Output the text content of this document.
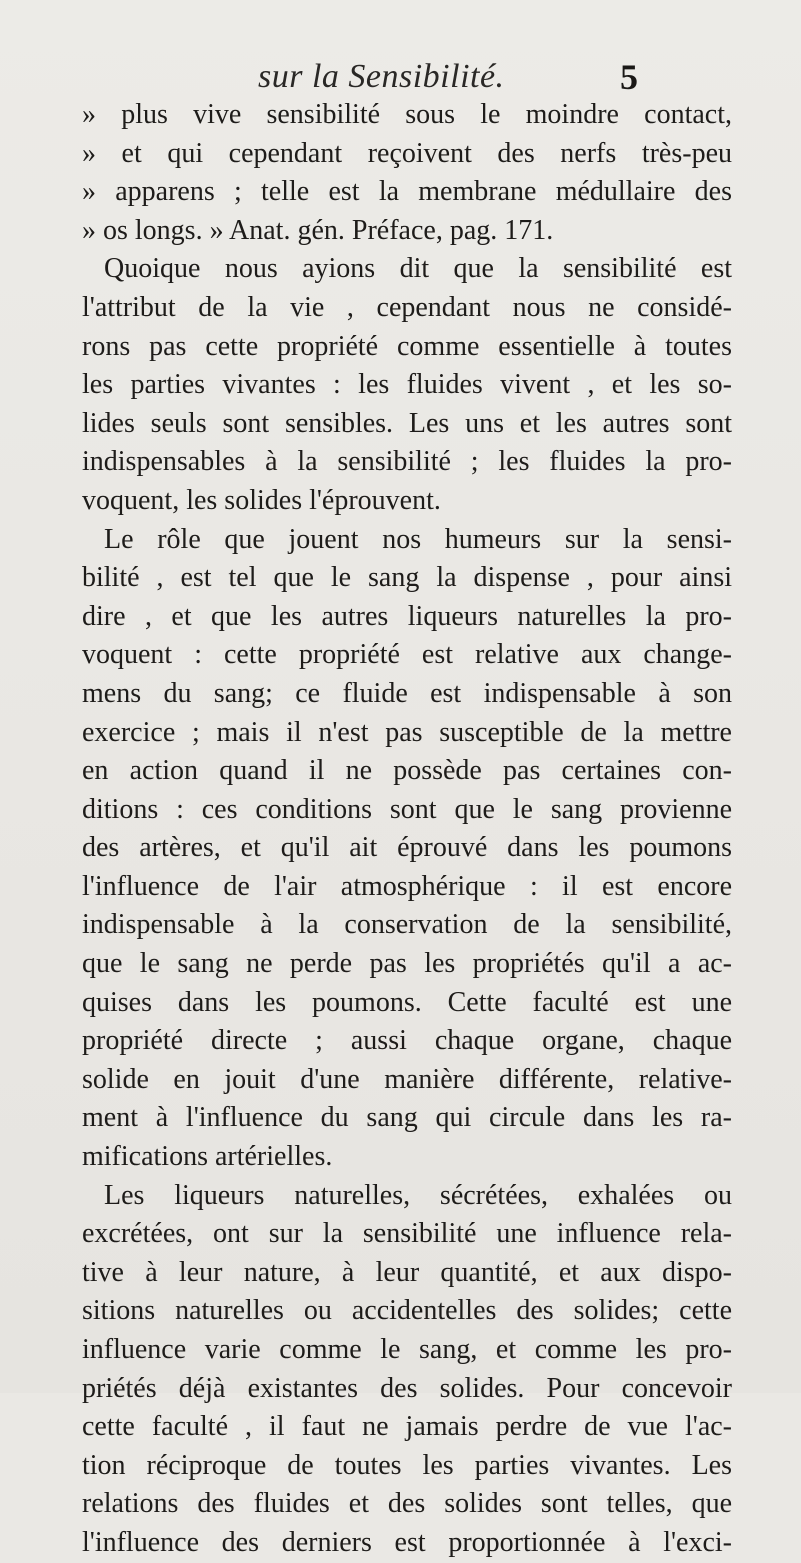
sur la Sensibilité.	5
» plus vive sensibilité sous le moindre contact,
» et qui cependant reçoivent des nerfs très-peu
» apparens ; telle est la membrane médullaire des
» os longs. » Anat. gén. Préface, pag. 171.
Quoique nous ayions dit que la sensibilité est
l'attribut de la vie , cependant nous ne considé-
rons pas cette propriété comme essentielle à toutes
les parties vivantes : les fluides vivent , et les so-
lides seuls sont sensibles. Les uns et les autres sont
indispensables à la sensibilité ; les fluides la pro-
voquent, les solides l'éprouvent.
Le rôle que jouent nos humeurs sur la sensi-
bilité , est tel que le sang la dispense , pour ainsi
dire , et que les autres liqueurs naturelles la pro-
voquent : cette propriété est relative aux change-
mens du sang; ce fluide est indispensable à son
exercice ; mais il n'est pas susceptible de la mettre
en action quand il ne possède pas certaines con-
ditions : ces conditions sont que le sang provienne
des artères, et qu'il ait éprouvé dans les poumons
l'influence de l'air atmosphérique : il est encore
indispensable à la conservation de la sensibilité,
que le sang ne perde pas les propriétés qu'il a ac-
quises dans les poumons. Cette faculté est une
propriété directe ; aussi chaque organe, chaque
solide en jouit d'une manière différente, relative-
ment à l'influence du sang qui circule dans les ra-
mifications artérielles.
Les liqueurs naturelles, sécrétées, exhalées ou
excrétées, ont sur la sensibilité une influence rela-
tive à leur nature, à leur quantité, et aux dispo-
sitions naturelles ou accidentelles des solides; cette
influence varie comme le sang, et comme les pro-
priétés déjà existantes des solides. Pour concevoir
cette faculté , il faut ne jamais perdre de vue l'ac-
tion réciproque de toutes les parties vivantes. Les
relations des fluides et des solides sont telles, que
l'influence des derniers est proportionnée à l'exci-
